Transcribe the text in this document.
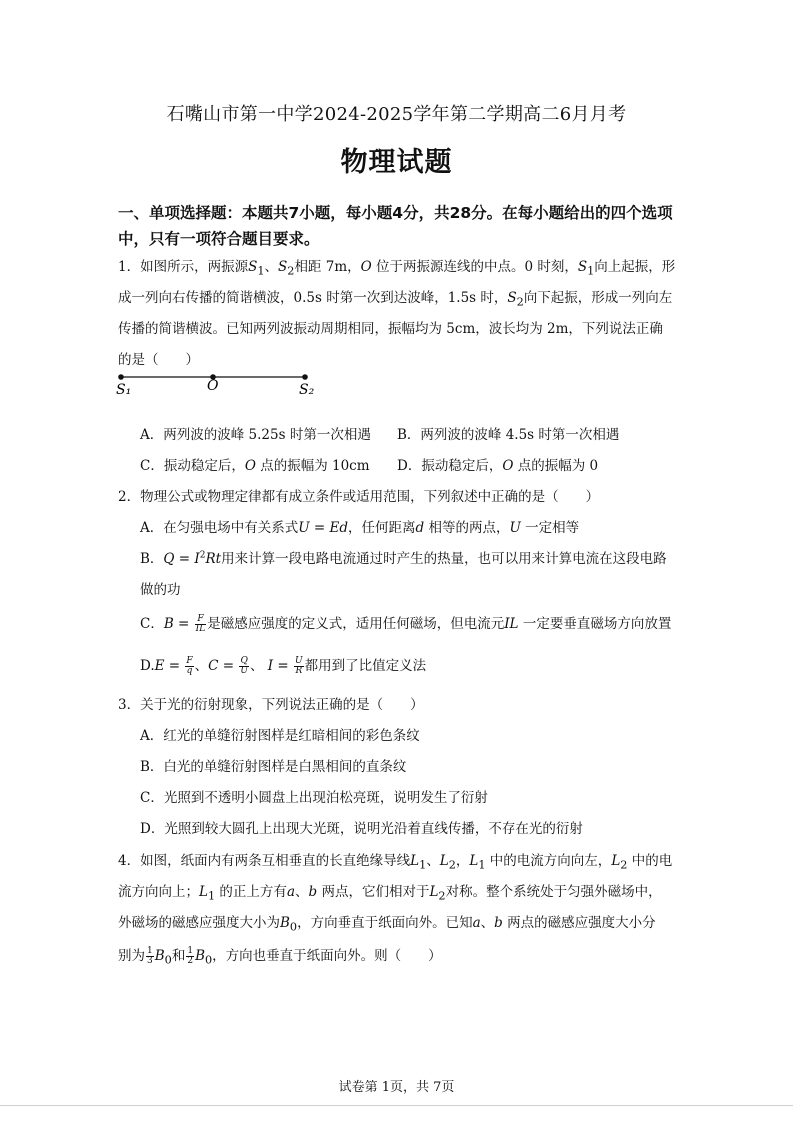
石嘴山市第一中学2024-2025学年第二学期高二6月月考
物理试题
一、单项选择题：本题共7小题，每小题4分，共28分。在每小题给出的四个选项中，只有一项符合题目要求。
1．如图所示，两振源$S_1$、$S_2$相距 7m，O 位于两振源连线的中点。0 时刻，$S_1$向上起振，形
成一列向右传播的简谐横波，0.5s 时第一次到达波峰，1.5s 时，$S_2$向下起振，形成一列向左
传播的简谐横波。已知两列波振动周期相同，振幅均为 5cm，波长均为 2m，下列说法正确
的是（　　）
S₁	O	S₂
A．两列波的波峰 5.25s 时第一次相遇 B．两列波的波峰 4.5s 时第一次相遇
C．振动稳定后，O 点的振幅为 10cm D．振动稳定后，O 点的振幅为 0
2．物理公式或物理定律都有成立条件或适用范围，下列叙述中正确的是（　　）
A．在匀强电场中有关系式U = Ed，任何距离d 相等的两点，U 一定相等
B．$Q = I^2Rt$用来计算一段电路电流通过时产生的热量，也可以用来计算电流在这段电路
做的功
C．$B = \frac{F}{IL}$ 是磁感应强度的定义式，适用任何磁场，但电流元IL 一定要垂直磁场方向放置
$D.E = \frac{F}{q}$ 、$C = \frac{Q}{U}$ 、 $I = \frac{U}{R}$ 都用到了比值定义法
3．关于光的衍射现象，下列说法正确的是（　　）
A．红光的单缝衍射图样是红暗相间的彩色条纹
B．白光的单缝衍射图样是白黑相间的直条纹
C．光照到不透明小圆盘上出现泊松亮斑，说明发生了衍射
D．光照到较大圆孔上出现大光斑，说明光沿着直线传播，不存在光的衍射
4．如图，纸面内有两条互相垂直的长直绝缘导线$L_1$、$L_2$，$L_1$ 中的电流方向向左，$L_2$ 中的电
流方向向上；$L_1$ 的正上方有a、b 两点，它们相对于$L_2$对称。整个系统处于匀强外磁场中，
外磁场的磁感应强度大小为$B_0$，方向垂直于纸面向外。已知a、b 两点的磁感应强度大小分
别为 $\frac{1}{3} B_0$和 $\frac{1}{2} B_0$，方向也垂直于纸面向外。则（　　）
试卷第 1页，共 7页
